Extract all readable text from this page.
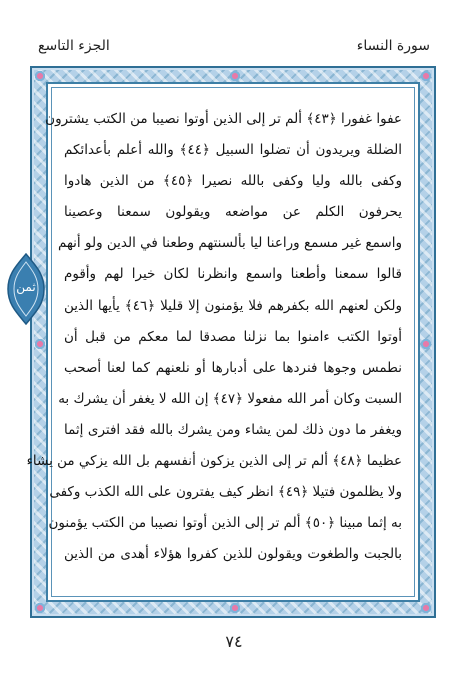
الجزء التاسع	سورة النساء
عفوا غفورا ﴿٤٣﴾ ألم تر إلى الذين أوتوا نصيبا من الكتب يشترون
الضللة ويريدون أن تضلوا السبيل ﴿٤٤﴾ والله أعلم بأعدائكم
وكفى بالله وليا وكفى بالله نصيرا ﴿٤٥﴾ من الذين هادوا
يحرفون الكلم عن مواضعه ويقولون سمعنا وعصينا
واسمع غير مسمع وراعنا ليا بألسنتهم وطعنا في الدين ولو أنهم
قالوا سمعنا وأطعنا واسمع وانظرنا لكان خيرا لهم وأقوم
ولكن لعنهم الله بكفرهم فلا يؤمنون إلا قليلا ﴿٤٦﴾ يأيها الذين
أوتوا الكتب ءامنوا بما نزلنا مصدقا لما معكم من قبل أن
نطمس وجوها فنردها على أدبارها أو نلعنهم كما لعنا أصحب
السبت وكان أمر الله مفعولا ﴿٤٧﴾ إن الله لا يغفر أن يشرك به
ويغفر ما دون ذلك لمن يشاء ومن يشرك بالله فقد افترى إثما
عظيما ﴿٤٨﴾ ألم تر إلى الذين يزكون أنفسهم بل الله يزكي من يشاء
ولا يظلمون فتيلا ﴿٤٩﴾ انظر كيف يفترون على الله الكذب وكفى
به إثما مبينا ﴿٥٠﴾ ألم تر إلى الذين أوتوا نصيبا من الكتب يؤمنون
بالجبت والطغوت ويقولون للذين كفروا هؤلاء أهدى من الذين
ثمن
٧٤
